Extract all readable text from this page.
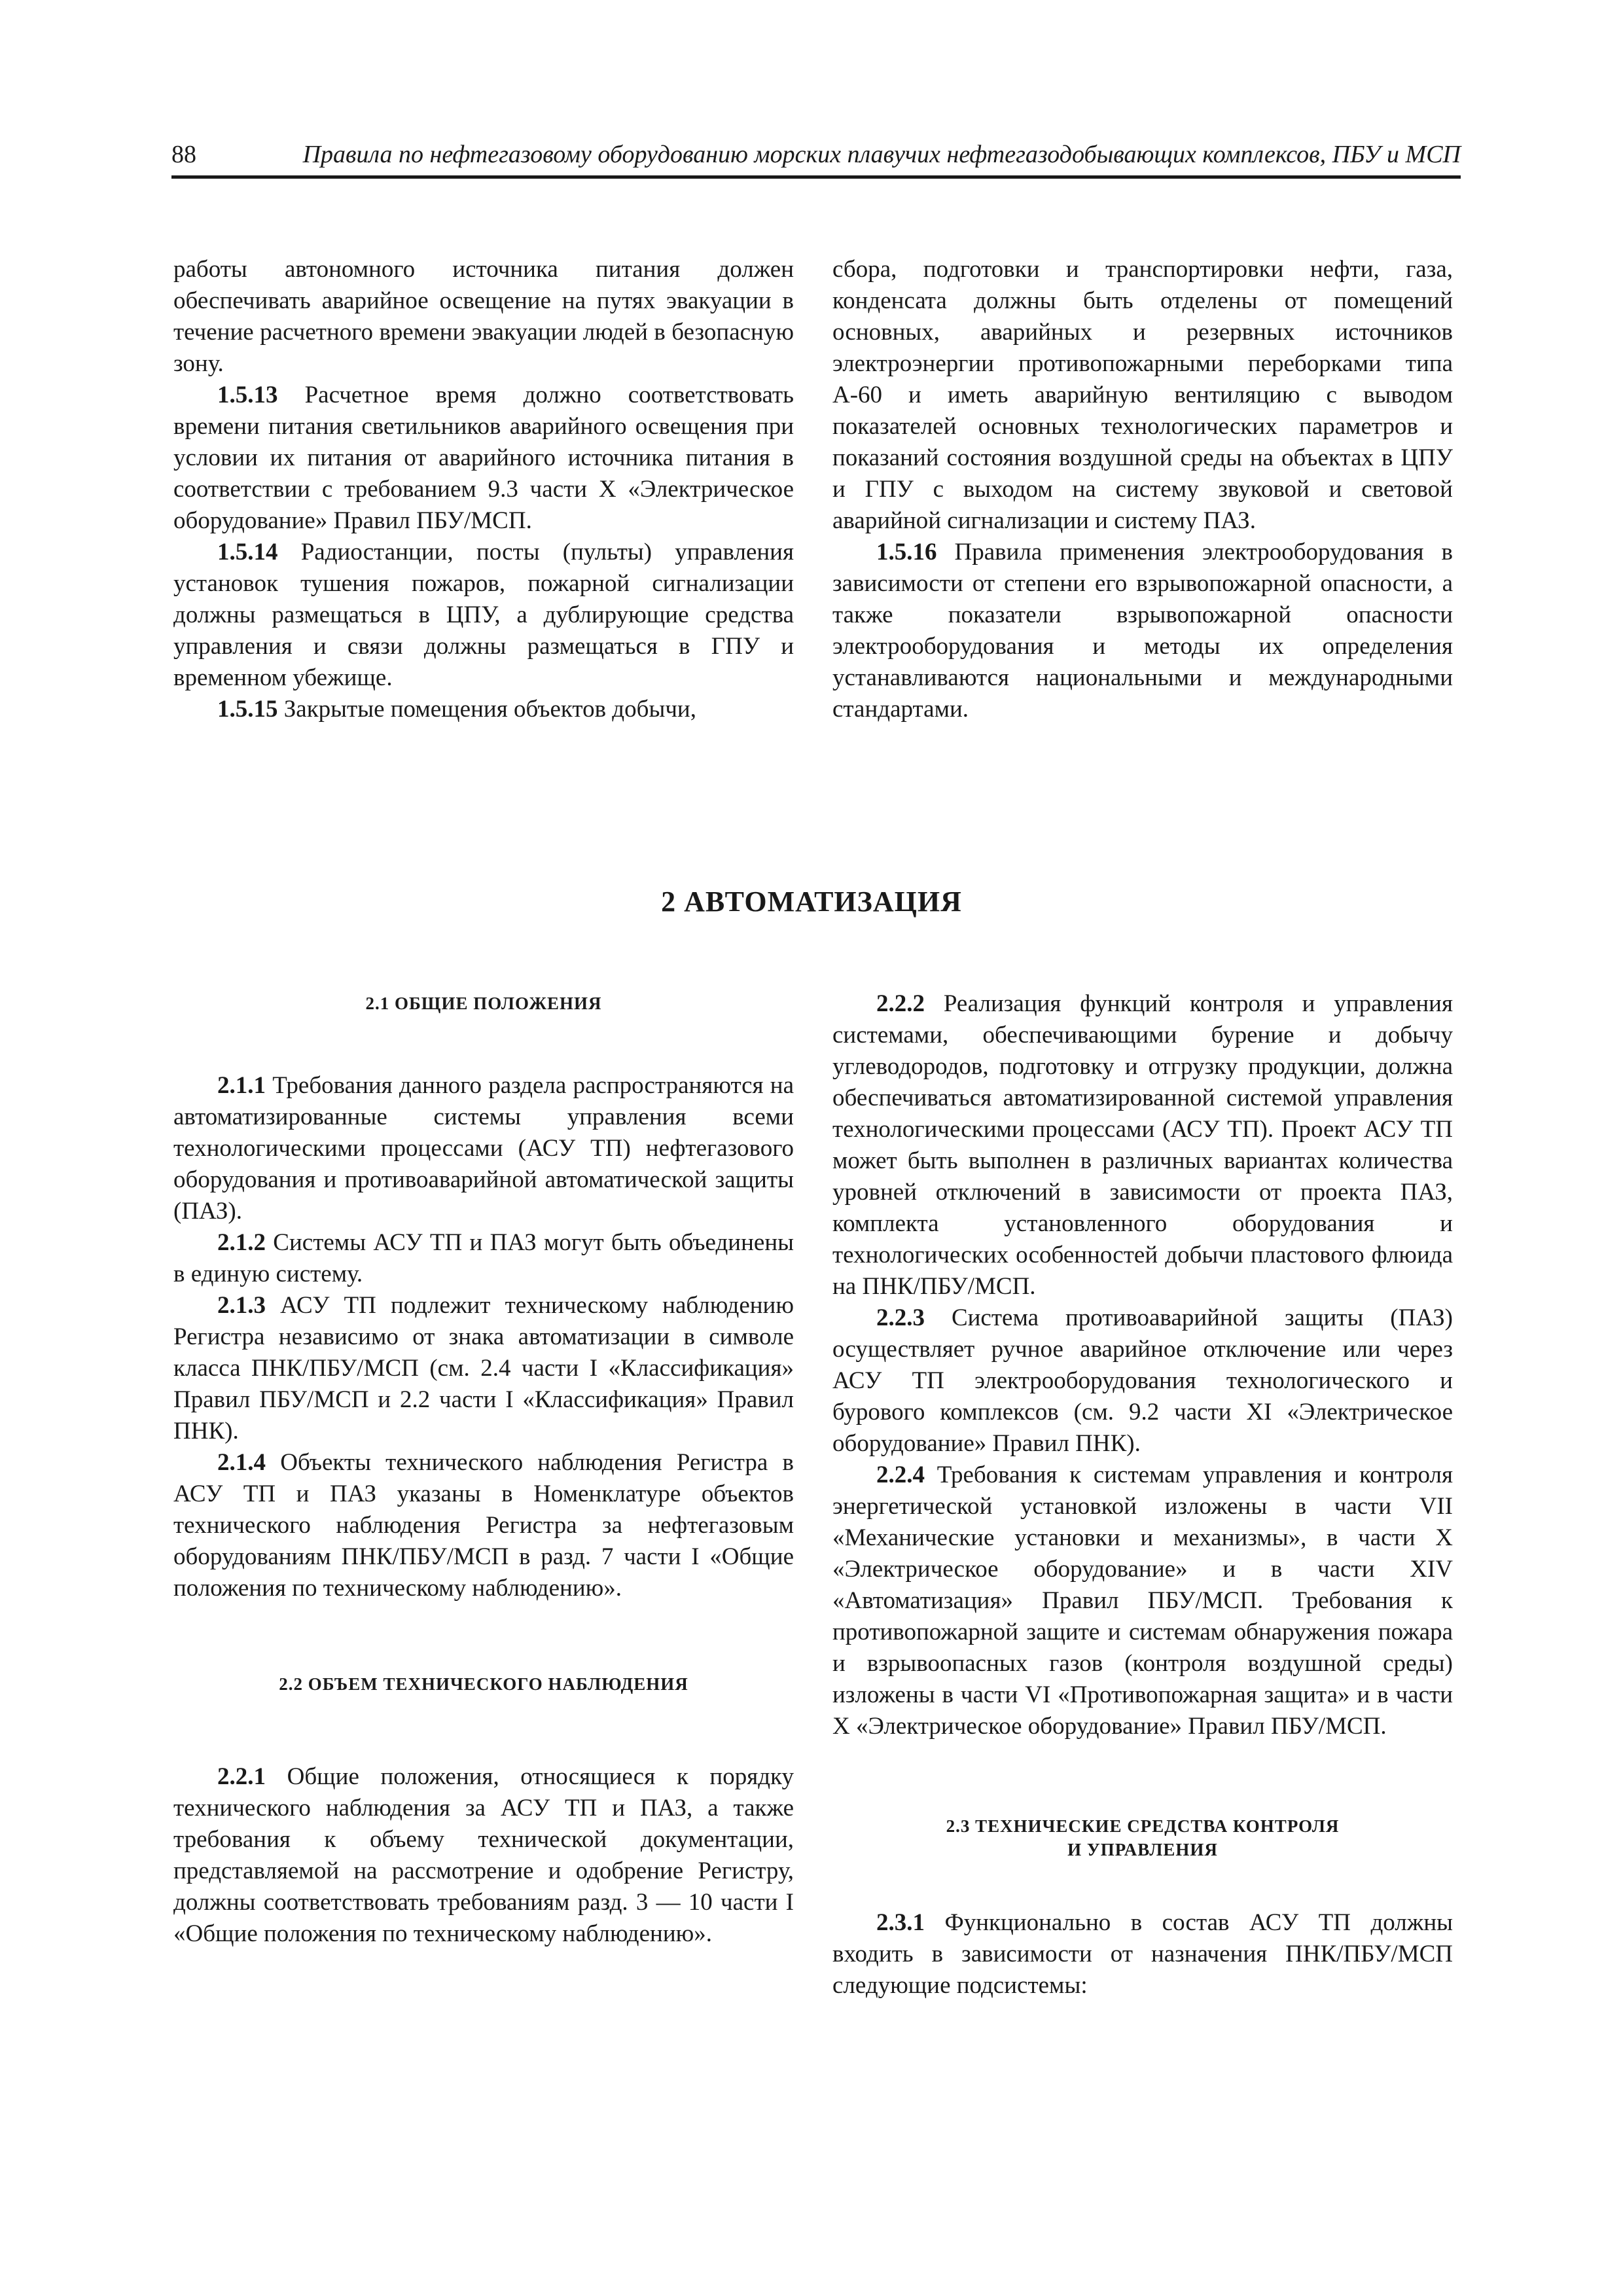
88	Правила по нефтегазовому оборудованию морских плавучих нефтегазодобывающих комплексов, ПБУ и МСП

работы автономного источника питания должен обеспечивать аварийное освещение на путях эвакуации в течение расчетного времени эвакуации людей в безопасную зону.

1.5.13 Расчетное время должно соответствовать времени питания светильников аварийного освещения при условии их питания от аварийного источника питания в соответствии с требованием 9.3 части X «Электрическое оборудование» Правил ПБУ/МСП.

1.5.14 Радиостанции, посты (пульты) управления установок тушения пожаров, пожарной сигнализации должны размещаться в ЦПУ, а дублирующие средства управления и связи должны размещаться в ГПУ и временном убежище.

1.5.15 Закрытые помещения объектов добычи,

сбора, подготовки и транспортировки нефти, газа, конденсата должны быть отделены от помещений основных, аварийных и резервных источников электроэнергии противопожарными переборками типа А-60 и иметь аварийную вентиляцию с выводом показателей основных технологических параметров и показаний состояния воздушной среды на объектах в ЦПУ и ГПУ с выходом на систему звуковой и световой аварийной сигнализации и систему ПАЗ.

1.5.16 Правила применения электрооборудования в зависимости от степени его взрывопожарной опасности, а также показатели взрывопожарной опасности электрооборудования и методы их определения устанавливаются национальными и международными стандартами.

2 АВТОМАТИЗАЦИЯ

2.1 ОБЩИЕ ПОЛОЖЕНИЯ

2.1.1 Требования данного раздела распространяются на автоматизированные системы управления всеми технологическими процессами (АСУ ТП) нефтегазового оборудования и противоаварийной автоматической защиты (ПАЗ).

2.1.2 Системы АСУ ТП и ПАЗ могут быть объединены в единую систему.

2.1.3 АСУ ТП подлежит техническому наблюдению Регистра независимо от знака автоматизации в символе класса ПНК/ПБУ/МСП (см. 2.4 части I «Классификация» Правил ПБУ/МСП и 2.2 части I «Классификация» Правил ПНК).

2.1.4 Объекты технического наблюдения Регистра в АСУ ТП и ПАЗ указаны в Номенклатуре объектов технического наблюдения Регистра за нефтегазовым оборудованиям ПНК/ПБУ/МСП в разд. 7 части I «Общие положения по техническому наблюдению».

2.2 ОБЪЕМ ТЕХНИЧЕСКОГО НАБЛЮДЕНИЯ

2.2.1 Общие положения, относящиеся к порядку технического наблюдения за АСУ ТП и ПАЗ, а также требования к объему технической документации, представляемой на рассмотрение и одобрение Регистру, должны соответствовать требованиям разд. 3 — 10 части I «Общие положения по техническому наблюдению».

2.2.2 Реализация функций контроля и управления системами, обеспечивающими бурение и добычу углеводородов, подготовку и отгрузку продукции, должна обеспечиваться автоматизированной системой управления технологическими процессами (АСУ ТП). Проект АСУ ТП может быть выполнен в различных вариантах количества уровней отключений в зависимости от проекта ПАЗ, комплекта установленного оборудования и технологических особенностей добычи пластового флюида на ПНК/ПБУ/МСП.

2.2.3 Система противоаварийной защиты (ПАЗ) осуществляет ручное аварийное отключение или через АСУ ТП электрооборудования технологического и бурового комплексов (см. 9.2 части XI «Электрическое оборудование» Правил ПНК).

2.2.4 Требования к системам управления и контроля энергетической установкой изложены в части VII «Механические установки и механизмы», в части X «Электрическое оборудование» и в части XIV «Автоматизация» Правил ПБУ/МСП. Требования к противопожарной защите и системам обнаружения пожара и взрывоопасных газов (контроля воздушной среды) изложены в части VI «Противопожарная защита» и в части X «Электрическое оборудование» Правил ПБУ/МСП.

2.3 ТЕХНИЧЕСКИЕ СРЕДСТВА КОНТРОЛЯ
И УПРАВЛЕНИЯ

2.3.1 Функционально в состав АСУ ТП должны входить в зависимости от назначения ПНК/ПБУ/МСП следующие подсистемы:
